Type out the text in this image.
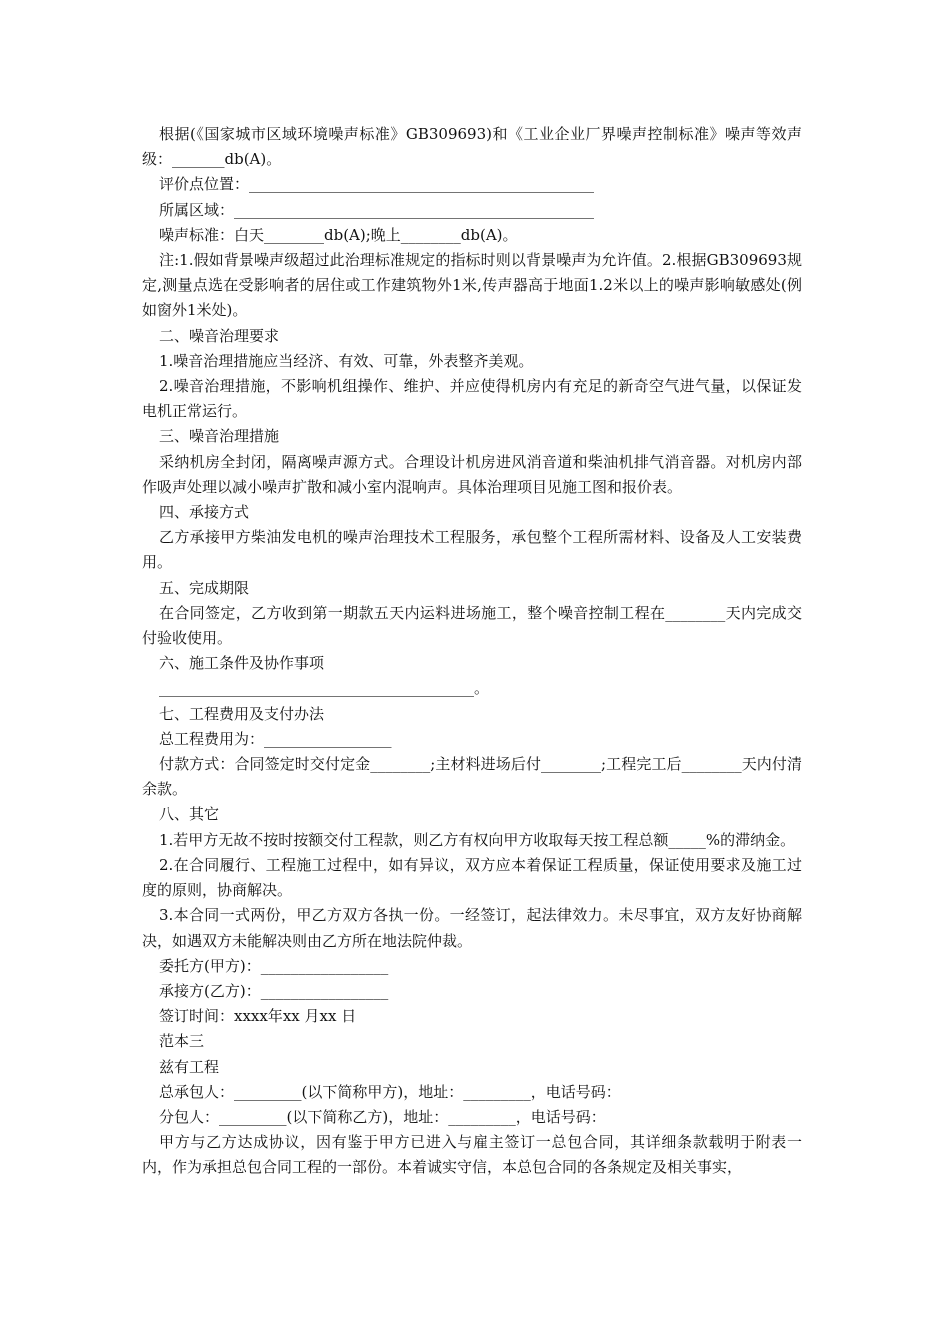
根据(《国家城市区域环境噪声标准》GB309693)和《工业企业厂界噪声控制标准》噪声等效声级：_______db(A)。

评价点位置：______________________________________________

所属区域：________________________________________________

噪声标准：白天________db(A);晚上________db(A)。

注:1.假如背景噪声级超过此治理标准规定的指标时则以背景噪声为允许值。2.根据GB309693规定,测量点选在受影响者的居住或工作建筑物外1米,传声器高于地面1.2米以上的噪声影响敏感处(例如窗外1米处)。

二、噪音治理要求

1.噪音治理措施应当经济、有效、可靠，外表整齐美观。

2.噪音治理措施，不影响机组操作、维护、并应使得机房内有充足的新奇空气进气量，以保证发电机正常运行。

三、噪音治理措施

采纳机房全封闭，隔离噪声源方式。合理设计机房进风消音道和柴油机排气消音器。对机房内部作吸声处理以减小噪声扩散和减小室内混响声。具体治理项目见施工图和报价表。

四、承接方式

乙方承接甲方柴油发电机的噪声治理技术工程服务，承包整个工程所需材料、设备及人工安装费用。

五、完成期限

在合同签定，乙方收到第一期款五天内运料进场施工，整个噪音控制工程在________天内完成交付验收使用。

六、施工条件及协作事项

__________________________________________。

七、工程费用及支付办法

总工程费用为：_________________

付款方式：合同签定时交付定金________;主材料进场后付________;工程完工后________天内付清余款。

八、其它

1.若甲方无故不按时按额交付工程款，则乙方有权向甲方收取每天按工程总额_____%的滞纳金。

2.在合同履行、工程施工过程中，如有异议，双方应本着保证工程质量，保证使用要求及施工过度的原则，协商解决。

3.本合同一式两份，甲乙方双方各执一份。一经签订，起法律效力。未尽事宜，双方友好协商解决，如遇双方未能解决则由乙方所在地法院仲裁。

委托方(甲方)：_________________

承接方(乙方)：_________________

签订时间：xxxx年xx 月xx 日

范本三

兹有工程

总承包人：_________(以下简称甲方)，地址：_________，电话号码：

分包人：_________(以下简称乙方)，地址：_________，电话号码：

甲方与乙方达成协议，因有鉴于甲方已进入与雇主签订一总包合同，其详细条款载明于附表一内，作为承担总包合同工程的一部份。本着诚实守信，本总包合同的各条规定及相关事实，
